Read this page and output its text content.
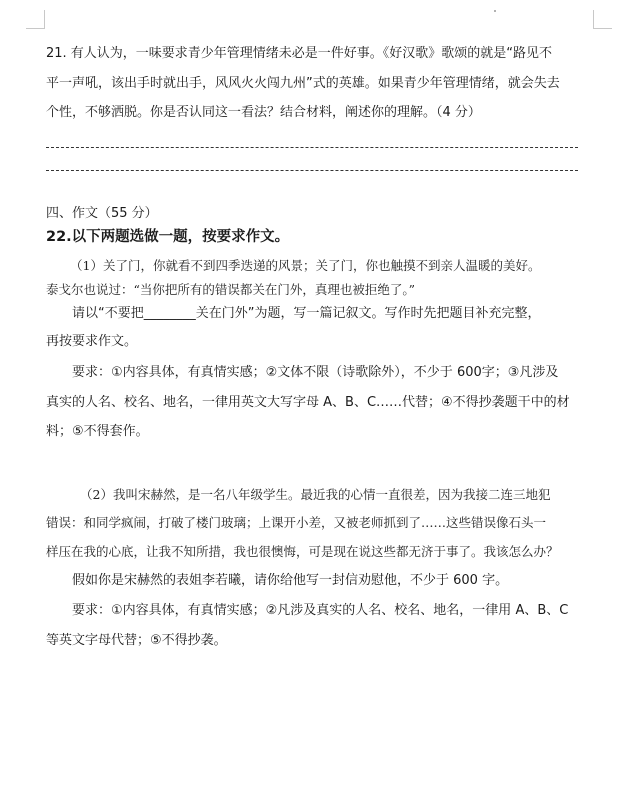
21. 有人认为，一味要求青少年管理情绪未必是一件好事。《好汉歌》歌颂的就是“路见不
平一声吼，该出手时就出手，风风火火闯九州”式的英雄。如果青少年管理情绪，就会失去
个性，不够洒脱。你是否认同这一看法？结合材料，阐述你的理解。（4 分）
四、作文（55 分）
22.以下两题选做一题，按要求作文。
（1）关了门，你就看不到四季迭递的风景；关了门，你也触摸不到亲人温暖的美好。
泰戈尔也说过：“当你把所有的错误都关在门外，真理也被拒绝了。”
请以“不要把________关在门外”为题，写一篇记叙文。写作时先把题目补充完整，
再按要求作文。
要求：①内容具体，有真情实感；②文体不限（诗歌除外），不少于 600字；③凡涉及
真实的人名、校名、地名，一律用英文大写字母 A、B、C……代替；④不得抄袭题干中的材
料；⑤不得套作。
（2）我叫宋赫然，是一名八年级学生。最近我的心情一直很差，因为我接二连三地犯
错误：和同学疯闹，打破了楼门玻璃；上课开小差，又被老师抓到了……这些错误像石头一
样压在我的心底，让我不知所措，我也很懊悔，可是现在说这些都无济于事了。我该怎么办？
假如你是宋赫然的表姐李若曦，请你给他写一封信劝慰他，不少于 600 字。
要求：①内容具体，有真情实感；②凡涉及真实的人名、校名、地名，一律用 A、B、C
等英文字母代替；⑤不得抄袭。
